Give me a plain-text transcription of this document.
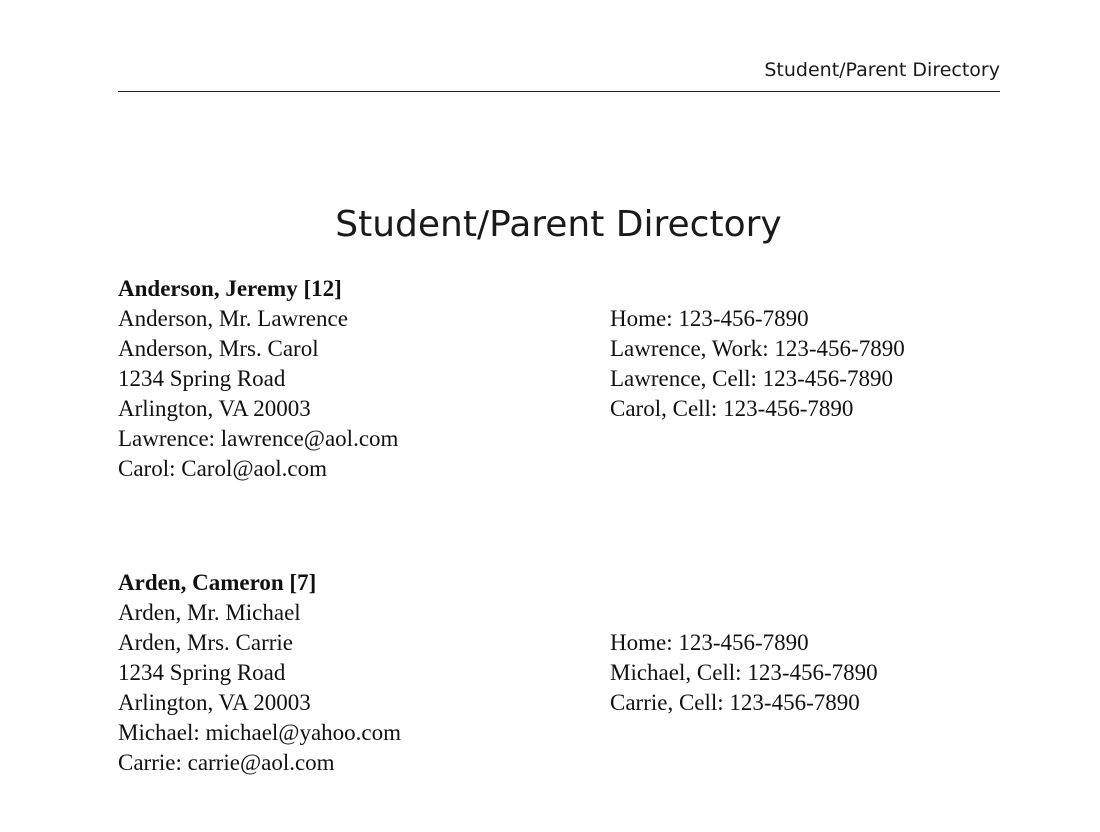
Student/Parent Directory
Student/Parent Directory
Anderson, Jeremy [12]
Anderson, Mr. Lawrence
Anderson, Mrs. Carol
1234 Spring Road
Arlington, VA 20003
Lawrence: lawrence@aol.com
Carol: Carol@aol.com
Home: 123-456-7890
Lawrence, Work: 123-456-7890
Lawrence, Cell: 123-456-7890
Carol, Cell: 123-456-7890
Arden, Cameron [7]
Arden, Mr. Michael
Arden, Mrs. Carrie
1234 Spring Road
Arlington, VA 20003
Michael: michael@yahoo.com
Carrie: carrie@aol.com
Home: 123-456-7890
Michael, Cell: 123-456-7890
Carrie, Cell: 123-456-7890
